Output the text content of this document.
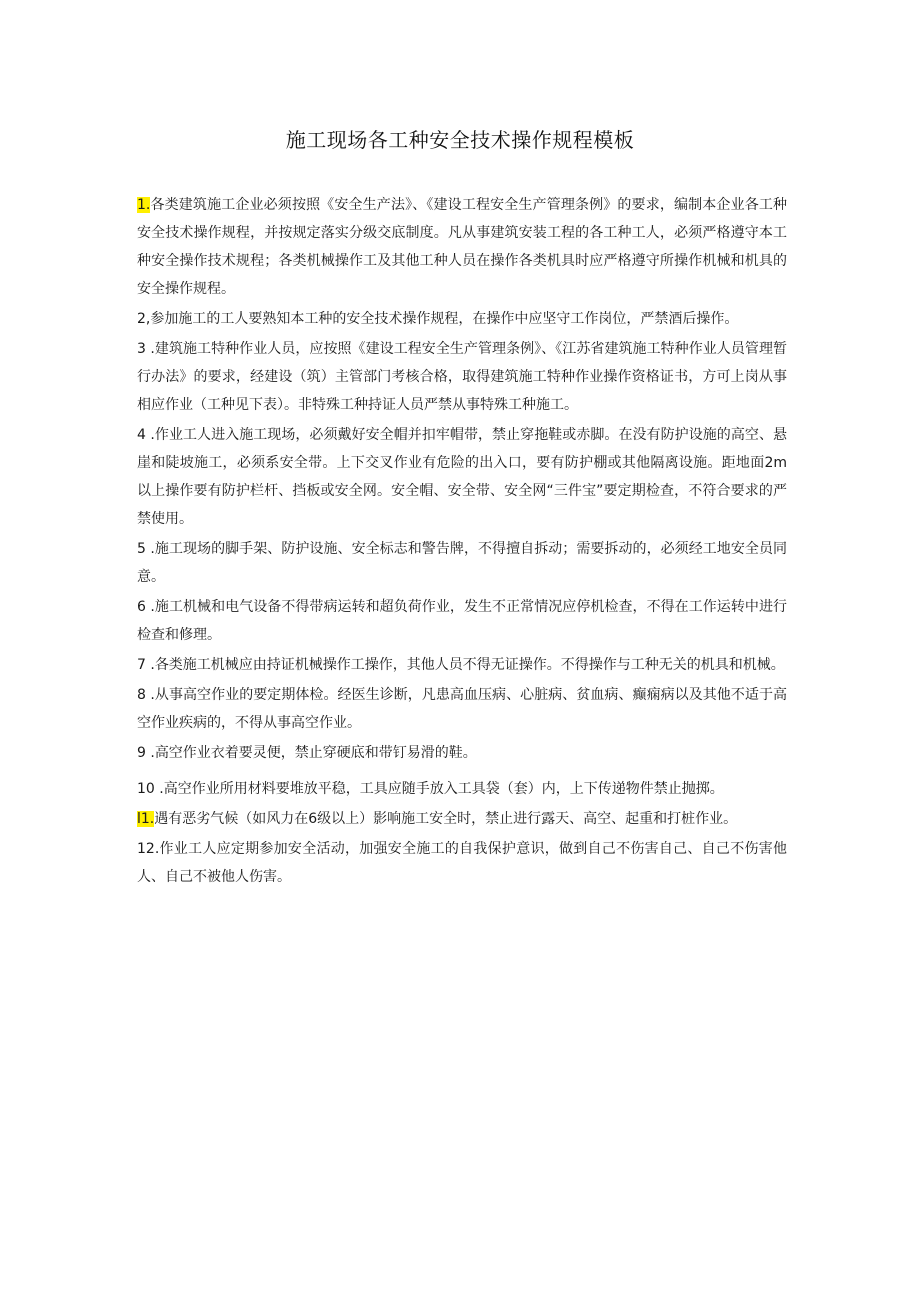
施工现场各工种安全技术操作规程模板

1.各类建筑施工企业必须按照《安全生产法》、《建设工程安全生产管理条例》的要求，编制本企业各工种安全技术操作规程，并按规定落实分级交底制度。凡从事建筑安装工程的各工种工人，必须严格遵守本工种安全操作技术规程；各类机械操作工及其他工种人员在操作各类机具时应严格遵守所操作机械和机具的安全操作规程。

2,参加施工的工人要熟知本工种的安全技术操作规程，在操作中应坚守工作岗位，严禁酒后操作。

3 .建筑施工特种作业人员，应按照《建设工程安全生产管理条例》、《江苏省建筑施工特种作业人员管理暂行办法》的要求，经建设（筑）主管部门考核合格，取得建筑施工特种作业操作资格证书，方可上岗从事相应作业（工种见下表）。非特殊工种持证人员严禁从事特殊工种施工。

4 .作业工人进入施工现场，必须戴好安全帽并扣牢帽带，禁止穿拖鞋或赤脚。在没有防护设施的高空、悬崖和陡坡施工，必须系安全带。上下交叉作业有危险的出入口，要有防护棚或其他隔离设施。距地面2m以上操作要有防护栏杆、挡板或安全网。安全帽、安全带、安全网“三件宝”要定期检查，不符合要求的严禁使用。

5 .施工现场的脚手架、防护设施、安全标志和警告牌，不得擅自拆动；需要拆动的，必须经工地安全员同意。

6 .施工机械和电气设备不得带病运转和超负荷作业，发生不正常情况应停机检查，不得在工作运转中进行检查和修理。

7 .各类施工机械应由持证机械操作工操作，其他人员不得无证操作。不得操作与工种无关的机具和机械。

8 .从事高空作业的要定期体检。经医生诊断，凡患高血压病、心脏病、贫血病、癫痫病以及其他不适于高空作业疾病的，不得从事高空作业。

9 .高空作业衣着要灵便，禁止穿硬底和带钉易滑的鞋。

10 .高空作业所用材料要堆放平稳，工具应随手放入工具袋（套）内，上下传递物件禁止抛掷。

l1.遇有恶劣气候（如风力在6级以上）影响施工安全时，禁止进行露天、高空、起重和打桩作业。

12.作业工人应定期参加安全活动，加强安全施工的自我保护意识，做到自己不伤害自己、自己不伤害他人、自己不被他人伤害。
